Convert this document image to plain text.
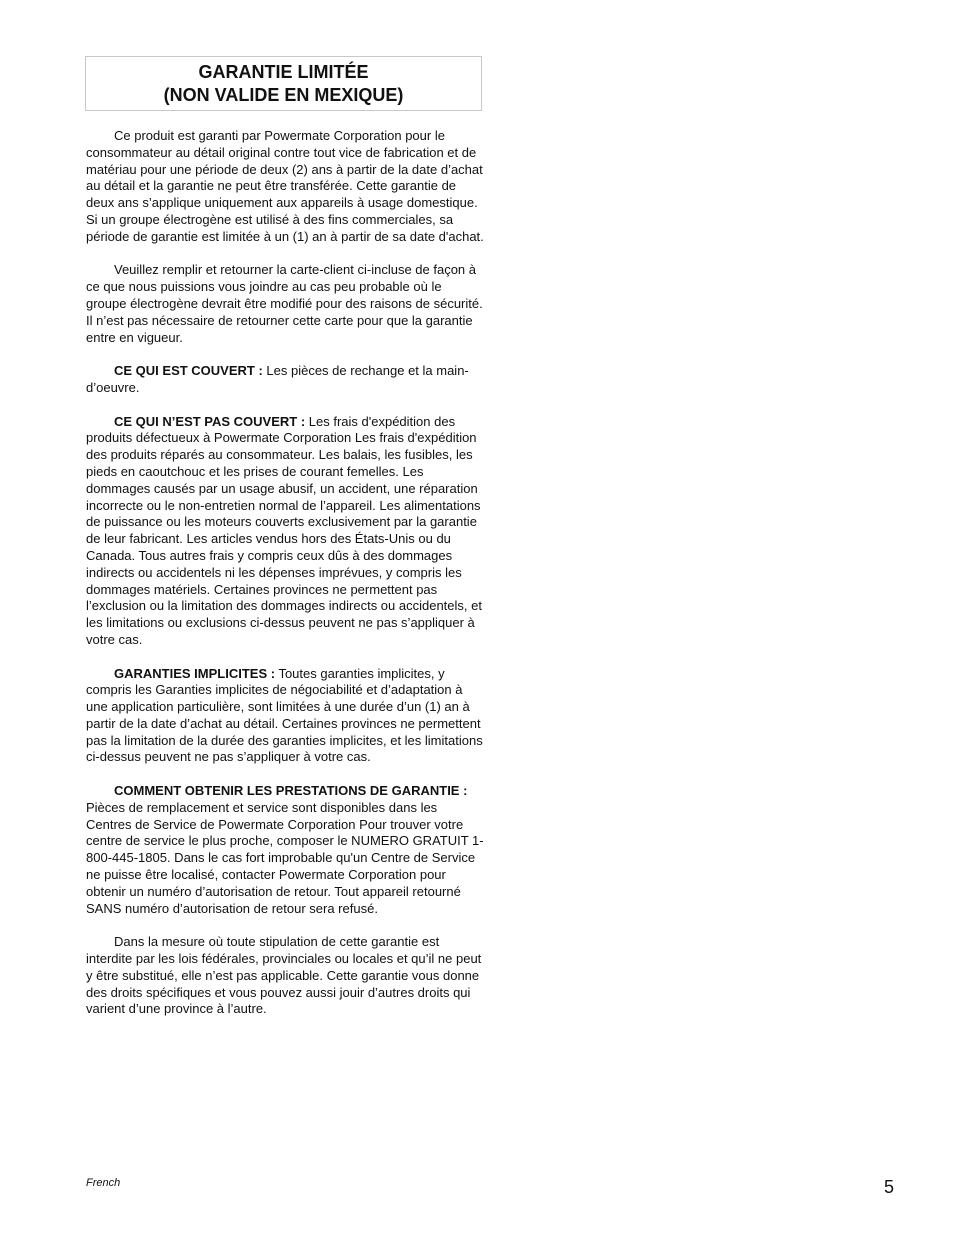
GARANTIE LIMITÉE
(NON VALIDE EN MEXIQUE)

Ce produit est garanti par Powermate Corporation pour le consommateur au détail original contre tout vice de fabrication et de matériau pour une période de deux (2) ans à partir de la date d’achat au détail et la garantie ne peut être transférée. Cette garantie de deux ans s’applique uniquement aux appareils à usage domestique. Si un groupe électrogène est utilisé à des fins commerciales, sa période de garantie est limitée à un (1) an à partir de sa date d'achat.

Veuillez remplir et retourner la carte-client ci-incluse de façon à ce que nous puissions vous joindre au cas peu probable où le groupe électrogène devrait être modifié pour des raisons de sécurité. Il n’est pas nécessaire de retourner cette carte pour que la garantie entre en vigueur.

CE QUI EST COUVERT : Les pièces de rechange et la main-d’oeuvre.

CE QUI N’EST PAS COUVERT : Les frais d'expédition des produits défectueux à Powermate Corporation Les frais d'expédition des produits réparés au consommateur. Les balais, les fusibles, les pieds en caoutchouc et les prises de courant femelles. Les dommages causés par un usage abusif, un accident, une réparation incorrecte ou le non-entretien normal de l’appareil. Les alimentations de puissance ou les moteurs couverts exclusivement par la garantie de leur fabricant. Les articles vendus hors des États-Unis ou du Canada. Tous autres frais y compris ceux dûs à des dommages indirects ou accidentels ni les dépenses imprévues, y compris les dommages matériels. Certaines provinces ne permettent pas l’exclusion ou la limitation des dommages indirects ou accidentels, et les limitations ou exclusions ci-dessus peuvent ne pas s’appliquer à votre cas.

GARANTIES IMPLICITES : Toutes garanties implicites, y compris les Garanties implicites de négociabilité et d’adaptation à une application particulière, sont limitées à une durée d’un (1) an à partir de la date d’achat au détail. Certaines provinces ne permettent pas la limitation de la durée des garanties implicites, et les limitations ci-dessus peuvent ne pas s’appliquer à votre cas.

COMMENT OBTENIR LES PRESTATIONS DE GARANTIE : Pièces de remplacement et service sont disponibles dans les Centres de Service de Powermate Corporation Pour trouver votre centre de service le plus proche, composer le NUMERO GRATUIT 1-800-445-1805. Dans le cas fort improbable qu'un Centre de Service ne puisse être localisé, contacter Powermate Corporation pour obtenir un numéro d’autorisation de retour. Tout appareil retourné SANS numéro d’autorisation de retour sera refusé.

Dans la mesure où toute stipulation de cette garantie est interdite par les lois fédérales, provinciales ou locales et qu’il ne peut y être substitué, elle n’est pas applicable. Cette garantie vous donne des droits spécifiques et vous pouvez aussi jouir d’autres droits qui varient d’une province à l’autre.

French	5
